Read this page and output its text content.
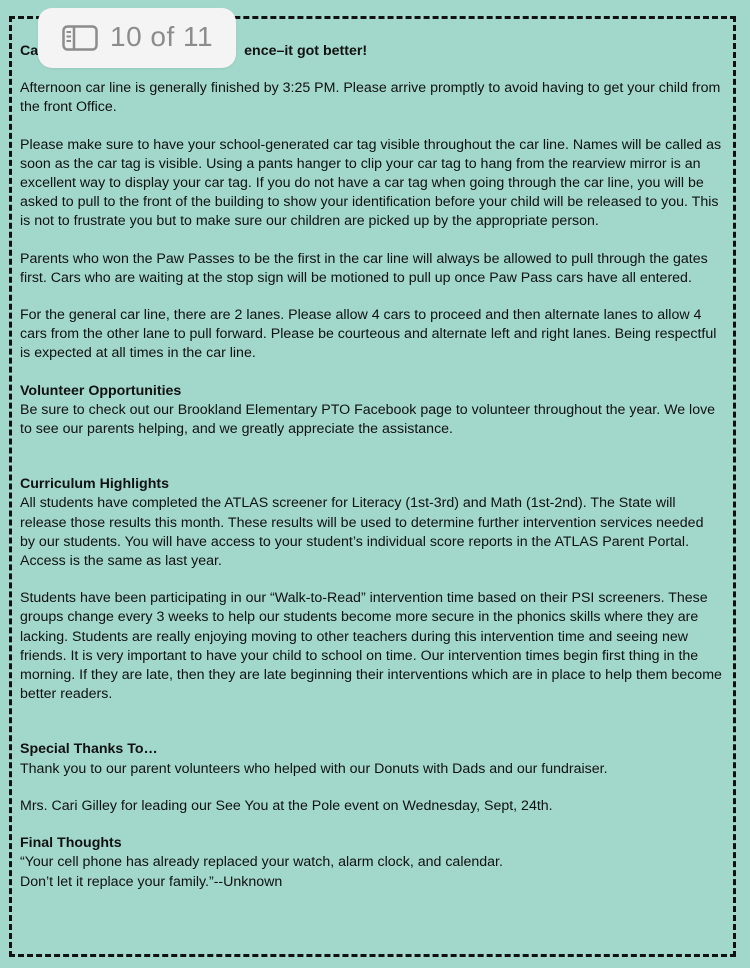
Ca	ence–it got better!

Afternoon car line is generally finished by 3:25 PM. Please arrive promptly to avoid having to get your child from the front Office.

Please make sure to have your school-generated car tag visible throughout the car line. Names will be called as soon as the car tag is visible. Using a pants hanger to clip your car tag to hang from the rearview mirror is an excellent way to display your car tag. If you do not have a car tag when going through the car line, you will be asked to pull to the front of the building to show your identification before your child will be released to you. This is not to frustrate you but to make sure our children are picked up by the appropriate person.

Parents who won the Paw Passes to be the first in the car line will always be allowed to pull through the gates first. Cars who are waiting at the stop sign will be motioned to pull up once Paw Pass cars have all entered.

For the general car line, there are 2 lanes. Please allow 4 cars to proceed and then alternate lanes to allow 4 cars from the other lane to pull forward. Please be courteous and alternate left and right lanes. Being respectful is expected at all times in the car line.

Volunteer Opportunities

Be sure to check out our Brookland Elementary PTO Facebook page to volunteer throughout the year. We love to see our parents helping, and we greatly appreciate the assistance.

Curriculum Highlights

All students have completed the ATLAS screener for Literacy (1st-3rd) and Math (1st-2nd). The State will release those results this month. These results will be used to determine further intervention services needed by our students. You will have access to your student’s individual score reports in the ATLAS Parent Portal. Access is the same as last year.

Students have been participating in our “Walk-to-Read” intervention time based on their PSI screeners. These groups change every 3 weeks to help our students become more secure in the phonics skills where they are lacking. Students are really enjoying moving to other teachers during this intervention time and seeing new friends. It is very important to have your child to school on time. Our intervention times begin first thing in the morning. If they are late, then they are late beginning their interventions which are in place to help them become better readers.

Special Thanks To…

Thank you to our parent volunteers who helped with our Donuts with Dads and our fundraiser.

Mrs. Cari Gilley for leading our See You at the Pole event on Wednesday, Sept, 24th.

Final Thoughts

“Your cell phone has already replaced your watch, alarm clock, and calendar.

Don’t let it replace your family.”--Unknown

10 of 11
